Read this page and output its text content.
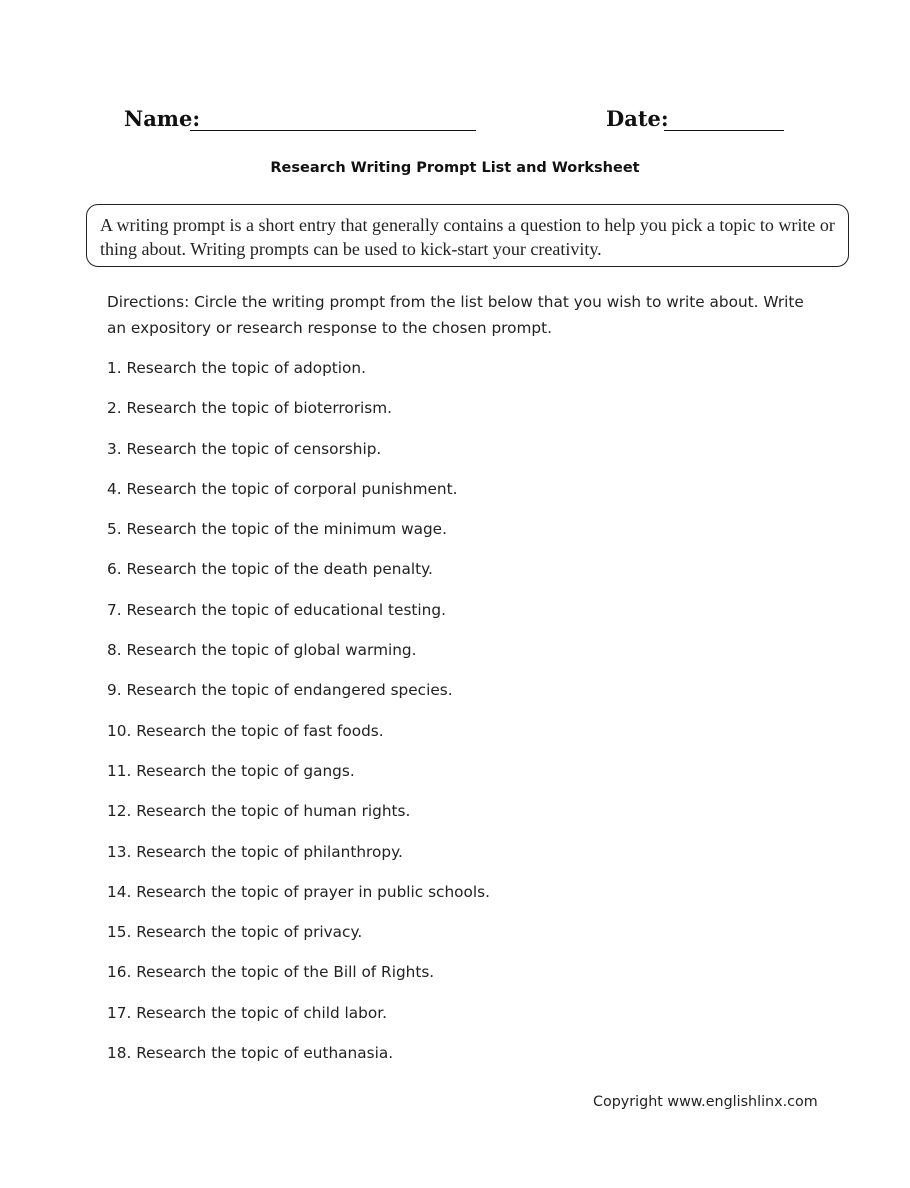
Name:	Date:
Research Writing Prompt List and Worksheet
A writing prompt is a short entry that generally contains a question to help you pick a topic to write or thing about. Writing prompts can be used to kick-start your creativity.
Directions: Circle the writing prompt from the list below that you wish to write about. Write an expository or research response to the chosen prompt.
1. Research the topic of adoption.
2. Research the topic of bioterrorism.
3. Research the topic of censorship.
4. Research the topic of corporal punishment.
5. Research the topic of the minimum wage.
6. Research the topic of the death penalty.
7. Research the topic of educational testing.
8. Research the topic of global warming.
9. Research the topic of endangered species.
10. Research the topic of fast foods.
11. Research the topic of gangs.
12. Research the topic of human rights.
13. Research the topic of philanthropy.
14. Research the topic of prayer in public schools.
15. Research the topic of privacy.
16. Research the topic of the Bill of Rights.
17. Research the topic of child labor.
18. Research the topic of euthanasia.
Copyright www.englishlinx.com
